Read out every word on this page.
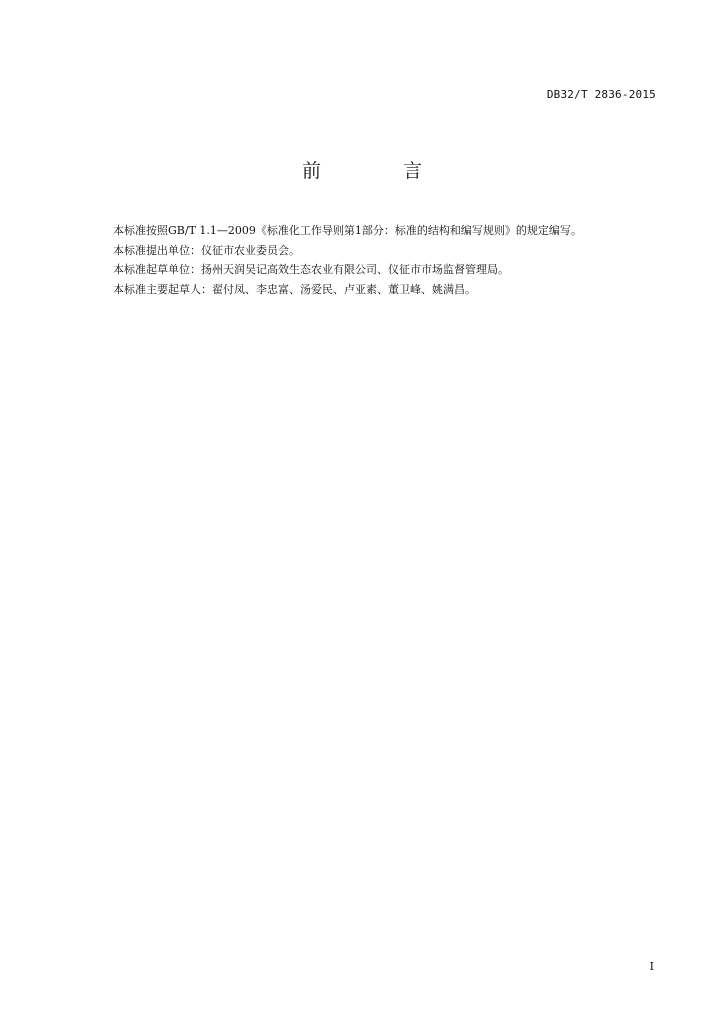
DB32/T 2836-2015
前 言

本标准按照GB/T 1.1—2009《标准化工作导则第1部分：标准的结构和编写规则》的规定编写。

本标准提出单位：仪征市农业委员会。

本标准起草单位：扬州天润吴记高效生态农业有限公司、仪征市市场监督管理局。

本标准主要起草人：翟付凤、李忠富、汤爱民、卢亚素、董卫峰、姚满昌。

I
